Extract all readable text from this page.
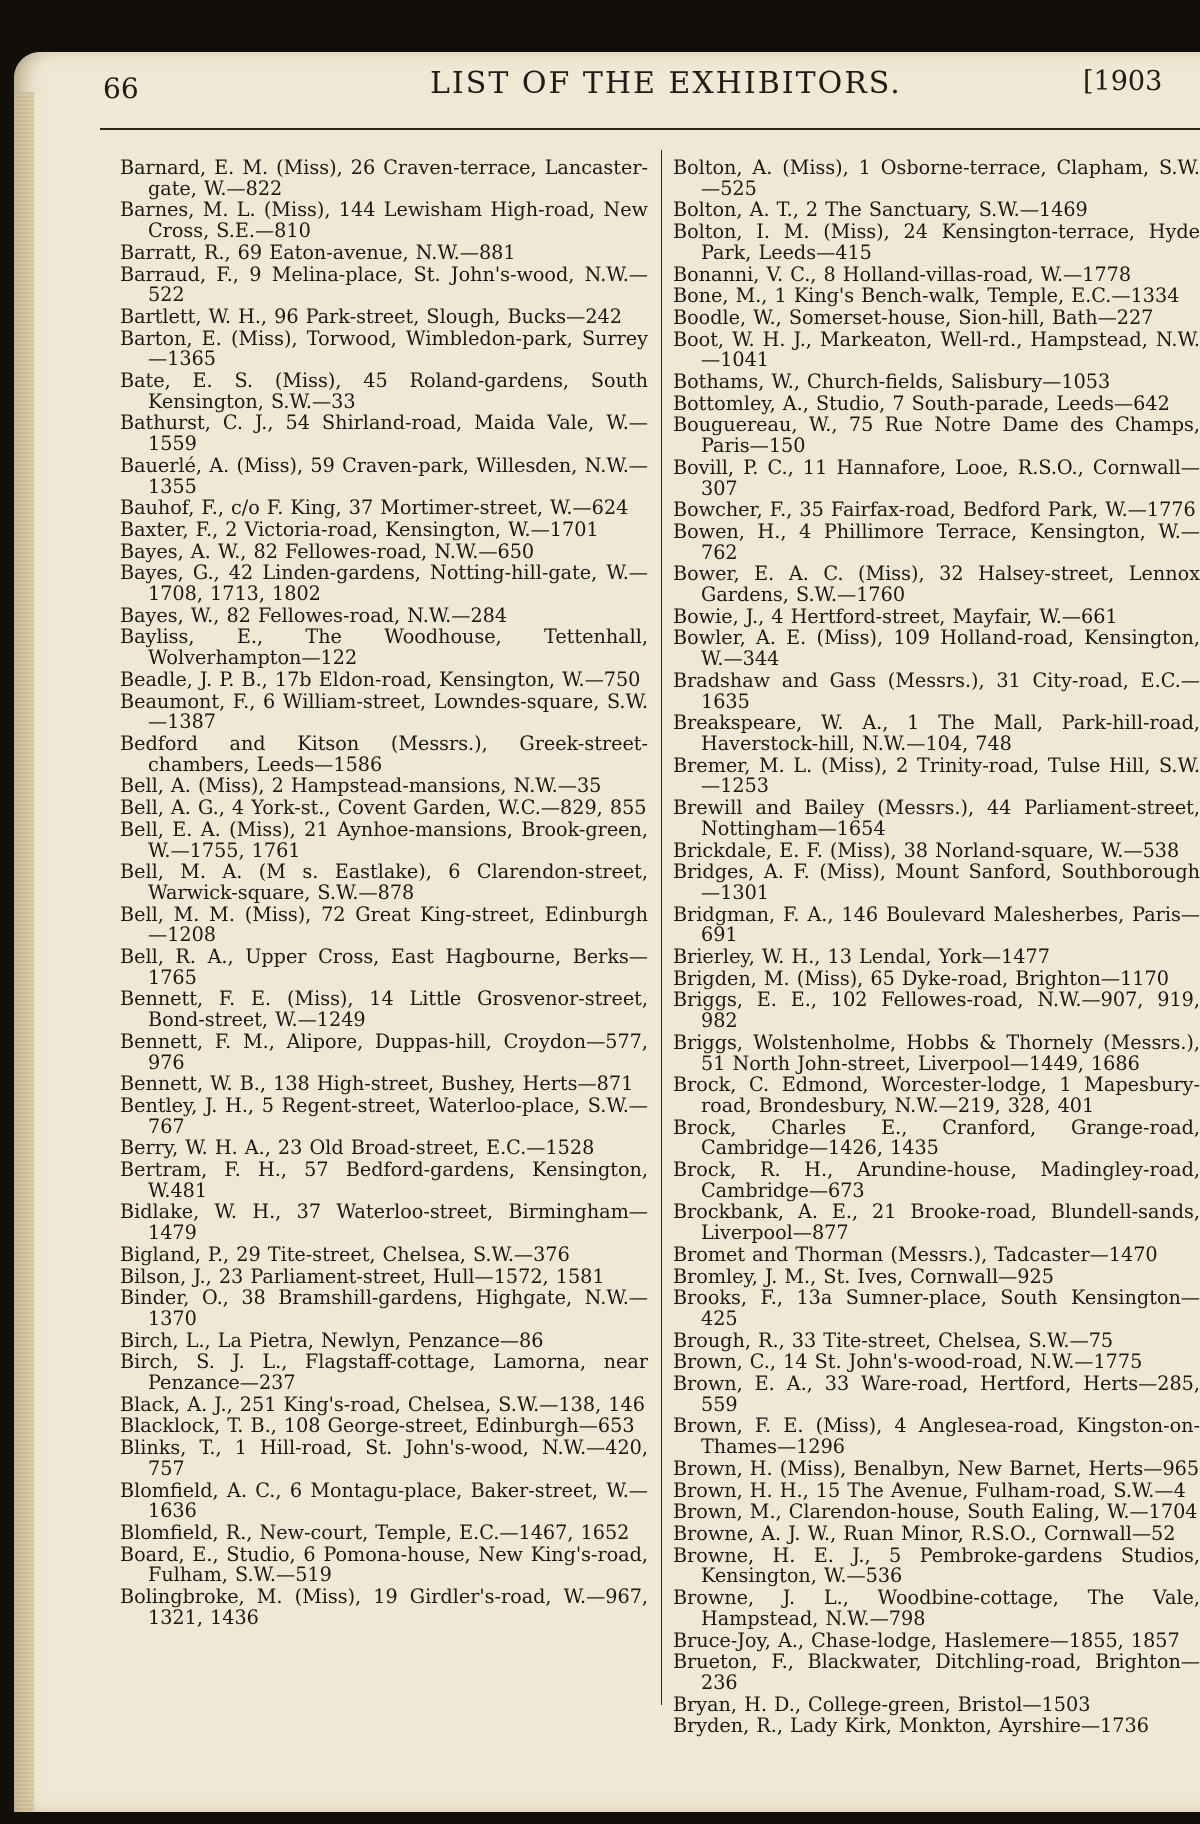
66	LIST OF THE EXHIBITORS.	[1903

Barnard, E. M. (Miss), 26 Craven-terrace, Lancaster-gate, W.—822

Barnes, M. L. (Miss), 144 Lewisham High-road, New Cross, S.E.—810

Barratt, R., 69 Eaton-avenue, N.W.—881

Barraud, F., 9 Melina-place, St. John's-wood, N.W.—522

Bartlett, W. H., 96 Park-street, Slough, Bucks—242

Barton, E. (Miss), Torwood, Wimbledon-park, Surrey—1365

Bate, E. S. (Miss), 45 Roland-gardens, South Kensington, S.W.—33

Bathurst, C. J., 54 Shirland-road, Maida Vale, W.—1559

Bauerlé, A. (Miss), 59 Craven-park, Willesden, N.W.—1355

Bauhof, F., c/o F. King, 37 Mortimer-street, W.—624

Baxter, F., 2 Victoria-road, Kensington, W.—1701

Bayes, A. W., 82 Fellowes-road, N.W.—650

Bayes, G., 42 Linden-gardens, Notting-hill-gate, W.—1708, 1713, 1802

Bayes, W., 82 Fellowes-road, N.W.—284

Bayliss, E., The Woodhouse, Tettenhall, Wolverhampton—122

Beadle, J. P. B., 17b Eldon-road, Kensington, W.—750

Beaumont, F., 6 William-street, Lowndes-square, S.W.—1387

Bedford and Kitson (Messrs.), Greek-street-chambers, Leeds—1586

Bell, A. (Miss), 2 Hampstead-mansions, N.W.—35

Bell, A. G., 4 York-st., Covent Garden, W.C.—829, 855

Bell, E. A. (Miss), 21 Aynhoe-mansions, Brook-green, W.—1755, 1761

Bell, M. A. (M s. Eastlake), 6 Clarendon-street, Warwick-square, S.W.—878

Bell, M. M. (Miss), 72 Great King-street, Edinburgh—1208

Bell, R. A., Upper Cross, East Hagbourne, Berks—1765

Bennett, F. E. (Miss), 14 Little Grosvenor-street, Bond-street, W.—1249

Bennett, F. M., Alipore, Duppas-hill, Croydon—577, 976

Bennett, W. B., 138 High-street, Bushey, Herts—871

Bentley, J. H., 5 Regent-street, Waterloo-place, S.W.—767

Berry, W. H. A., 23 Old Broad-street, E.C.—1528

Bertram, F. H., 57 Bedford-gardens, Kensington, W.481

Bidlake, W. H., 37 Waterloo-street, Birmingham—1479

Bigland, P., 29 Tite-street, Chelsea, S.W.—376

Bilson, J., 23 Parliament-street, Hull—1572, 1581

Binder, O., 38 Bramshill-gardens, Highgate, N.W.—1370

Birch, L., La Pietra, Newlyn, Penzance—86

Birch, S. J. L., Flagstaff-cottage, Lamorna, near Penzance—237

Black, A. J., 251 King's-road, Chelsea, S.W.—138, 146

Blacklock, T. B., 108 George-street, Edinburgh—653

Blinks, T., 1 Hill-road, St. John's-wood, N.W.—420, 757

Blomfield, A. C., 6 Montagu-place, Baker-street, W.—1636

Blomfield, R., New-court, Temple, E.C.—1467, 1652

Board, E., Studio, 6 Pomona-house, New King's-road, Fulham, S.W.—519

Bolingbroke, M. (Miss), 19 Girdler's-road, W.—967, 1321, 1436

Bolton, A. (Miss), 1 Osborne-terrace, Clapham, S.W.—525

Bolton, A. T., 2 The Sanctuary, S.W.—1469

Bolton, I. M. (Miss), 24 Kensington-terrace, Hyde Park, Leeds—415

Bonanni, V. C., 8 Holland-villas-road, W.—1778

Bone, M., 1 King's Bench-walk, Temple, E.C.—1334

Boodle, W., Somerset-house, Sion-hill, Bath—227

Boot, W. H. J., Markeaton, Well-rd., Hampstead, N.W.—1041

Bothams, W., Church-fields, Salisbury—1053

Bottomley, A., Studio, 7 South-parade, Leeds—642

Bouguereau, W., 75 Rue Notre Dame des Champs, Paris—150

Bovill, P. C., 11 Hannafore, Looe, R.S.O., Cornwall—307

Bowcher, F., 35 Fairfax-road, Bedford Park, W.—1776

Bowen, H., 4 Phillimore Terrace, Kensington, W.—762

Bower, E. A. C. (Miss), 32 Halsey-street, Lennox Gardens, S.W.—1760

Bowie, J., 4 Hertford-street, Mayfair, W.—661

Bowler, A. E. (Miss), 109 Holland-road, Kensington, W.—344

Bradshaw and Gass (Messrs.), 31 City-road, E.C.—1635

Breakspeare, W. A., 1 The Mall, Park-hill-road, Haverstock-hill, N.W.—104, 748

Bremer, M. L. (Miss), 2 Trinity-road, Tulse Hill, S.W.—1253

Brewill and Bailey (Messrs.), 44 Parliament-street, Nottingham—1654

Brickdale, E. F. (Miss), 38 Norland-square, W.—538

Bridges, A. F. (Miss), Mount Sanford, Southborough—1301

Bridgman, F. A., 146 Boulevard Malesherbes, Paris—691

Brierley, W. H., 13 Lendal, York—1477

Brigden, M. (Miss), 65 Dyke-road, Brighton—1170

Briggs, E. E., 102 Fellowes-road, N.W.—907, 919, 982

Briggs, Wolstenholme, Hobbs & Thornely (Messrs.), 51 North John-street, Liverpool—1449, 1686

Brock, C. Edmond, Worcester-lodge, 1 Mapesbury-road, Brondesbury, N.W.—219, 328, 401

Brock, Charles E., Cranford, Grange-road, Cambridge—1426, 1435

Brock, R. H., Arundine-house, Madingley-road, Cambridge—673

Brockbank, A. E., 21 Brooke-road, Blundell-sands, Liverpool—877

Bromet and Thorman (Messrs.), Tadcaster—1470

Bromley, J. M., St. Ives, Cornwall—925

Brooks, F., 13a Sumner-place, South Kensington—425

Brough, R., 33 Tite-street, Chelsea, S.W.—75

Brown, C., 14 St. John's-wood-road, N.W.—1775

Brown, E. A., 33 Ware-road, Hertford, Herts—285, 559

Brown, F. E. (Miss), 4 Anglesea-road, Kingston-on-Thames—1296

Brown, H. (Miss), Benalbyn, New Barnet, Herts—965

Brown, H. H., 15 The Avenue, Fulham-road, S.W.—4

Brown, M., Clarendon-house, South Ealing, W.—1704

Browne, A. J. W., Ruan Minor, R.S.O., Cornwall—52

Browne, H. E. J., 5 Pembroke-gardens Studios, Kensington, W.—536

Browne, J. L., Woodbine-cottage, The Vale, Hampstead, N.W.—798

Bruce-Joy, A., Chase-lodge, Haslemere—1855, 1857

Brueton, F., Blackwater, Ditchling-road, Brighton—236

Bryan, H. D., College-green, Bristol—1503

Bryden, R., Lady Kirk, Monkton, Ayrshire—1736
